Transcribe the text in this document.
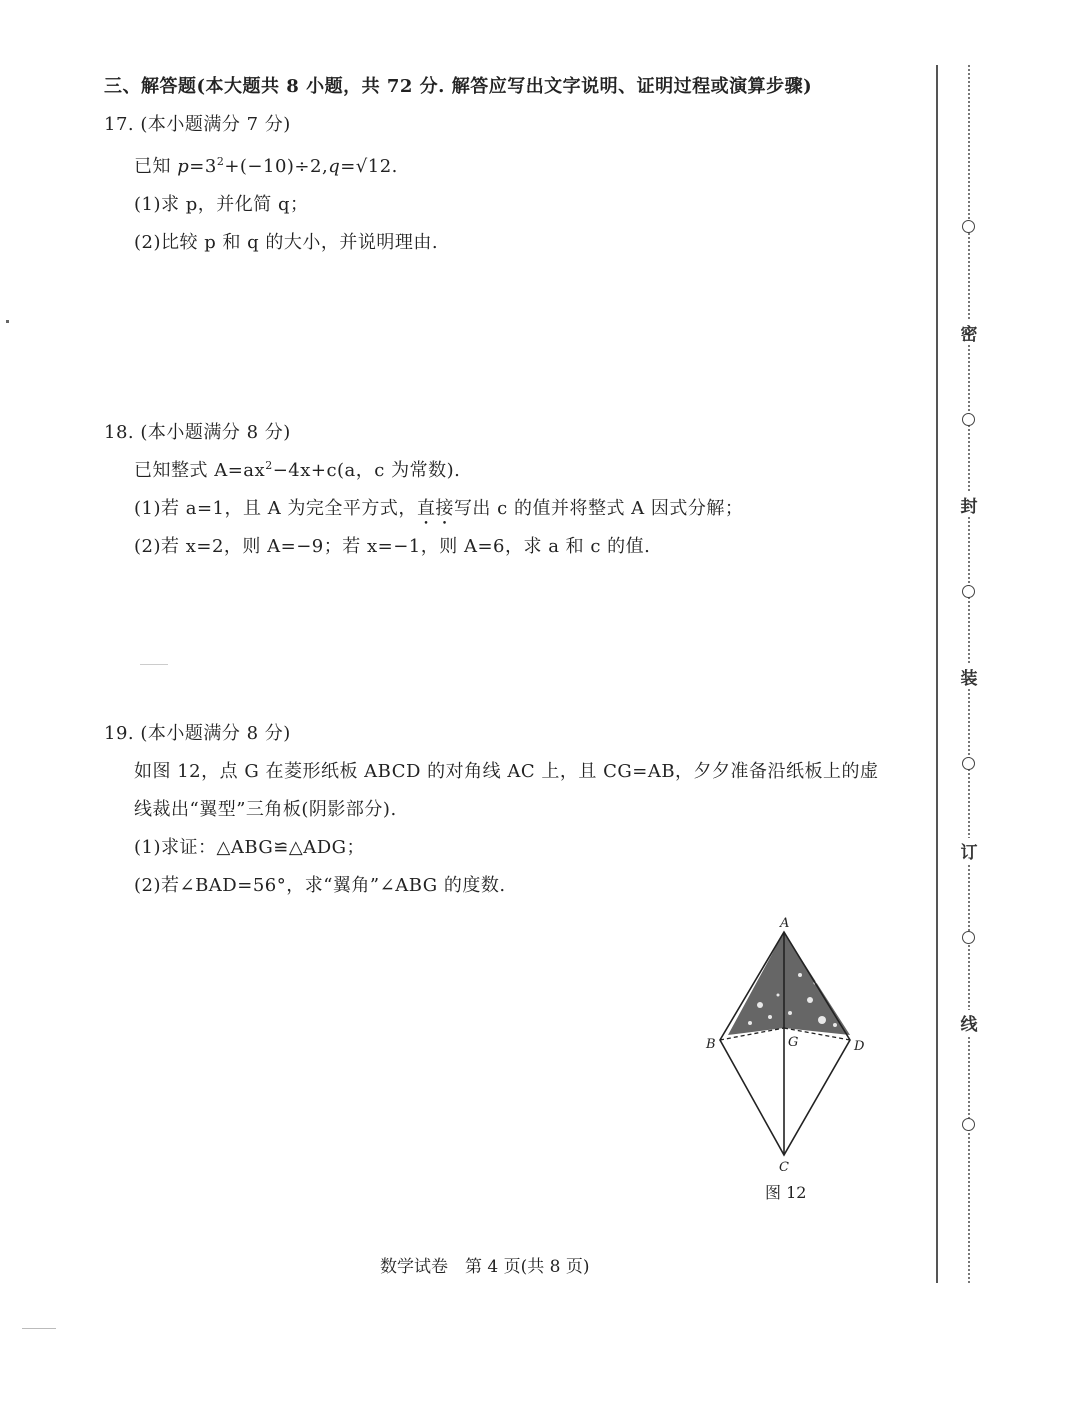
三、解答题(本大题共 8 小题，共 72 分. 解答应写出文字说明、证明过程或演算步骤)
17. (本小题满分 7 分)
已知 $p=3^2+(-10)\div 2,q=√12$.
(1)求 p，并化简 q；
(2)比较 p 和 q 的大小，并说明理由.
18. (本小题满分 8 分)
已知整式 $A=ax^2-4x+c(a$，c 为常数).
(1)若 a=1，且 A 为完全平方式，直接写出 c 的值并将整式 A 因式分解；
(2)若 x=2，则 A=−9；若 x=−1，则 A=6，求 a 和 c 的值.
19. (本小题满分 8 分)
如图 12，点 G 在菱形纸板 ABCD 的对角线 AC 上，且 CG=AB，夕夕准备沿纸板上的虚
线裁出“翼型”三角板(阴影部分).
(1)求证：△ABG≌△ADG；
(2)若∠BAD=56°，求“翼角”∠ABG 的度数.
A
B	G	D
C
图 12
密
封
装
订
线
数学试卷　第 4 页(共 8 页)
